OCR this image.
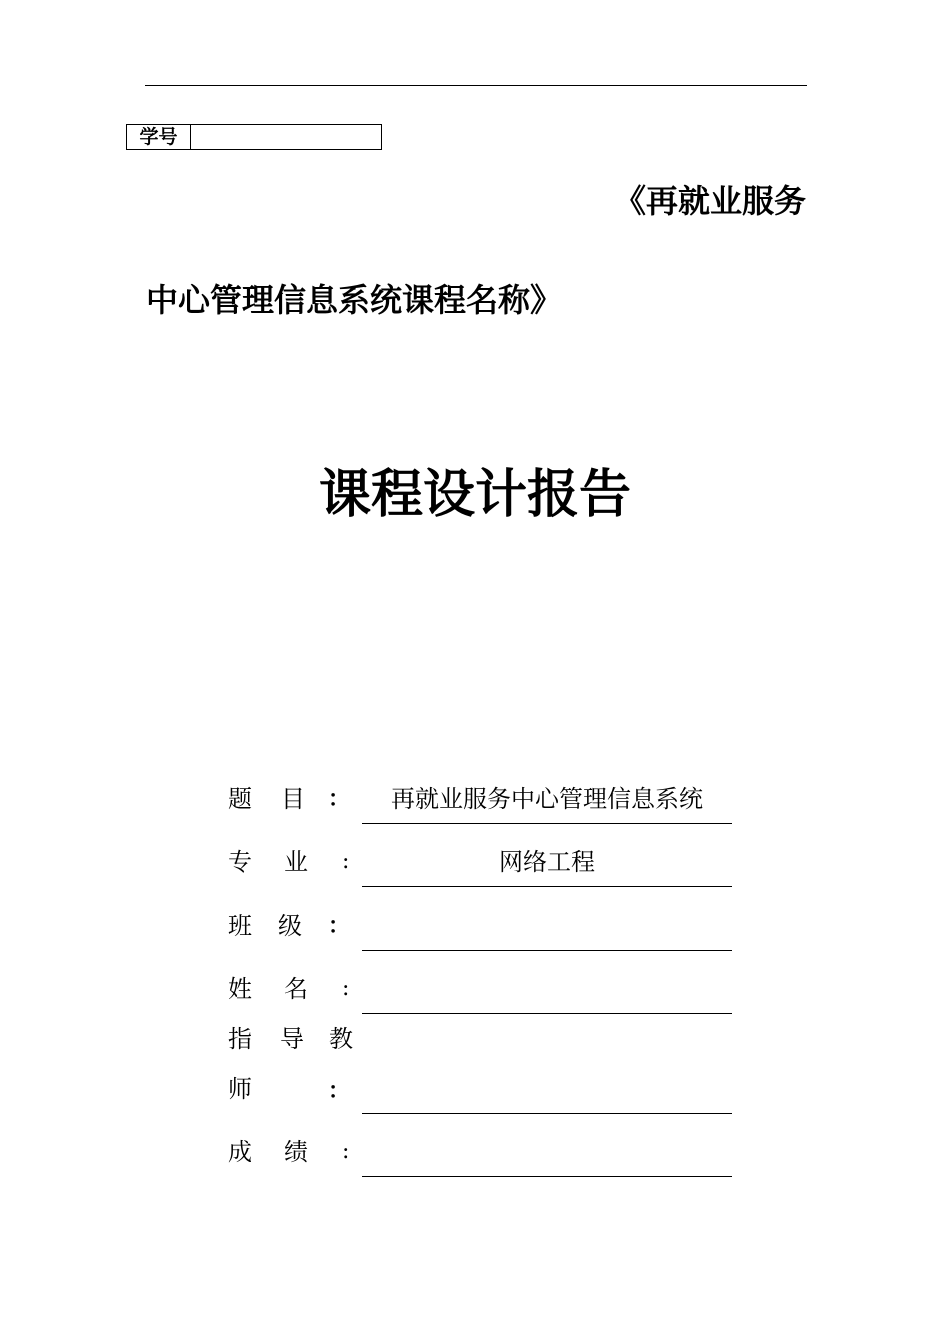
学号
《再就业服务
中心管理信息系统课程名称》
课程设计报告
题 目 ：	再就业服务中心管理信息系统
专 业 :	网络工程
班 级 ：
姓 名 :
指 导 教
师	：
成 绩 :
